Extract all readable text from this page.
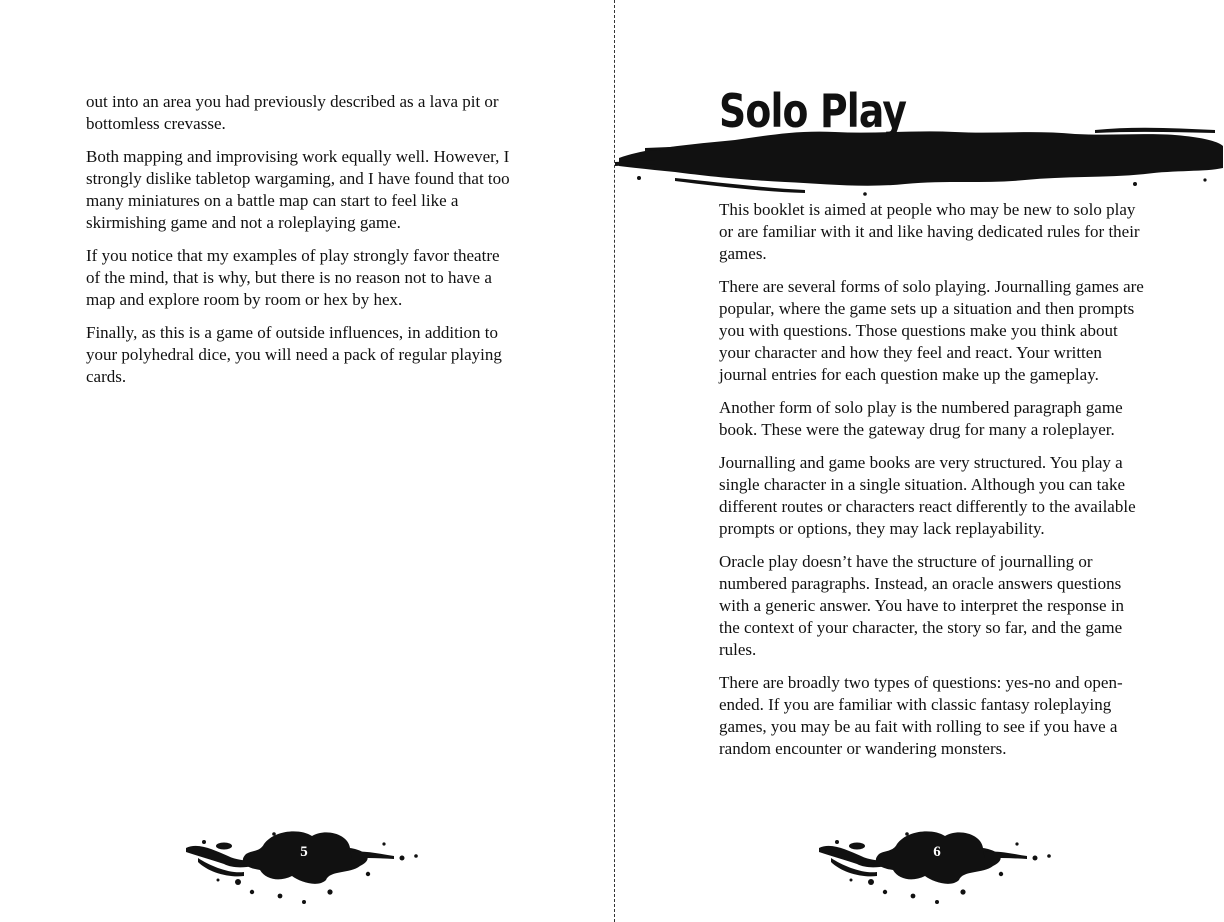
out into an area you had previously described as a lava pit or bottomless crevasse.

Both mapping and improvising work equally well. However, I strongly dislike tabletop wargaming, and I have found that too many miniatures on a battle map can start to feel like a skirmishing game and not a roleplaying game.

If you notice that my examples of play strongly favor theatre of the mind, that is why, but there is no reason not to have a map and explore room by room or hex by hex.

Finally, as this is a game of outside influences, in addition to your polyhedral dice, you will need a pack of regular playing cards.

5
Solo Play

This booklet is aimed at people who may be new to solo play or are familiar with it and like having dedicated rules for their games.

There are several forms of solo playing. Journalling games are popular, where the game sets up a situation and then prompts you with questions. Those questions make you think about your character and how they feel and react. Your written journal entries for each question make up the gameplay.

Another form of solo play is the numbered paragraph game book. These were the gateway drug for many a roleplayer.

Journalling and game books are very structured. You play a single character in a single situation. Although you can take different routes or characters react differently to the available prompts or options, they may lack replayability.

Oracle play doesn’t have the structure of journalling or numbered paragraphs. Instead, an oracle answers questions with a generic answer. You have to interpret the response in the context of your character, the story so far, and the game rules.

There are broadly two types of questions: yes-no and open-ended. If you are familiar with classic fantasy roleplaying games, you may be au fait with rolling to see if you have a random encounter or wandering monsters.

6
